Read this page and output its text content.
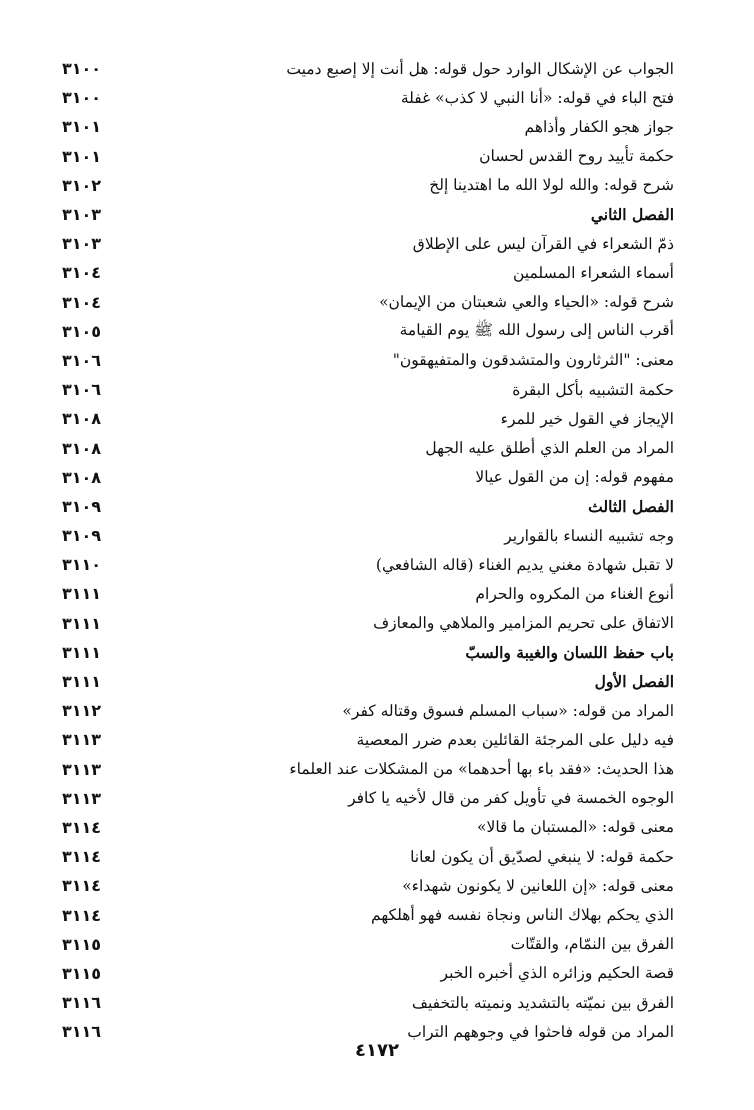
٣١٠٠	الجواب عن الإشكال الوارد حول قوله: هل أنت إلا إصبع دميت
٣١٠٠	فتح الباء في قوله: «أنا النبي لا كذب» غفلة
٣١٠١	جواز هجو الكفار وأذاهم
٣١٠١	حكمة تأييد روح القدس لحسان
٣١٠٢	شرح قوله: والله لولا الله ما اهتدينا إلخ
٣١٠٣	الفصل الثاني
٣١٠٣	ذمّ الشعراء في القرآن ليس على الإطلاق
٣١٠٤	أسماء الشعراء المسلمين
٣١٠٤	شرح قوله: «الحياء والعي شعبتان من الإيمان»
٣١٠٥	أقرب الناس إلى رسول الله ﷺ يوم القيامة
٣١٠٦	معنى: "الثرثارون والمتشدقون والمتفيهقون"
٣١٠٦	حكمة التشبيه بأكل البقرة
٣١٠٨	الإيجاز في القول خير للمرء
٣١٠٨	المراد من العلم الذي أطلق عليه الجهل
٣١٠٨	مفهوم قوله: إن من القول عيالا
٣١٠٩	الفصل الثالث
٣١٠٩	وجه تشبيه النساء بالقوارير
٣١١٠	لا تقبل شهادة مغني يديم الغناء (قاله الشافعي)
٣١١١	أنوع الغناء من المكروه والحرام
٣١١١	الاتفاق على تحريم المزامير والملاهي والمعازف
٣١١١	باب حفظ اللسان والغيبة والسبّ
٣١١١	الفصل الأول
٣١١٢	المراد من قوله: «سباب المسلم فسوق وقتاله كفر»
٣١١٣	فيه دليل على المرجئة القائلين بعدم ضرر المعصية
٣١١٣	هذا الحديث: «فقد باء بها أحدهما» من المشكلات عند العلماء
٣١١٣	الوجوه الخمسة في تأويل كفر من قال لأخيه يا كافر
٣١١٤	معنى قوله: «المستبان ما قالا»
٣١١٤	حكمة قوله: لا ينبغي لصدّيق أن يكون لعانا
٣١١٤	معنى قوله: «إن اللعانين لا يكونون شهداء»
٣١١٤	الذي يحكم بهلاك الناس ونجاة نفسه فهو أهلكهم
٣١١٥	الفرق بين النمّام، والقتّات
٣١١٥	قصة الحكيم وزائره الذي أخبره الخبر
٣١١٦	الفرق بين نميّته بالتشديد ونميته بالتخفيف
٣١١٦	المراد من قوله فاحثوا في وجوههم التراب
٤١٧٢
